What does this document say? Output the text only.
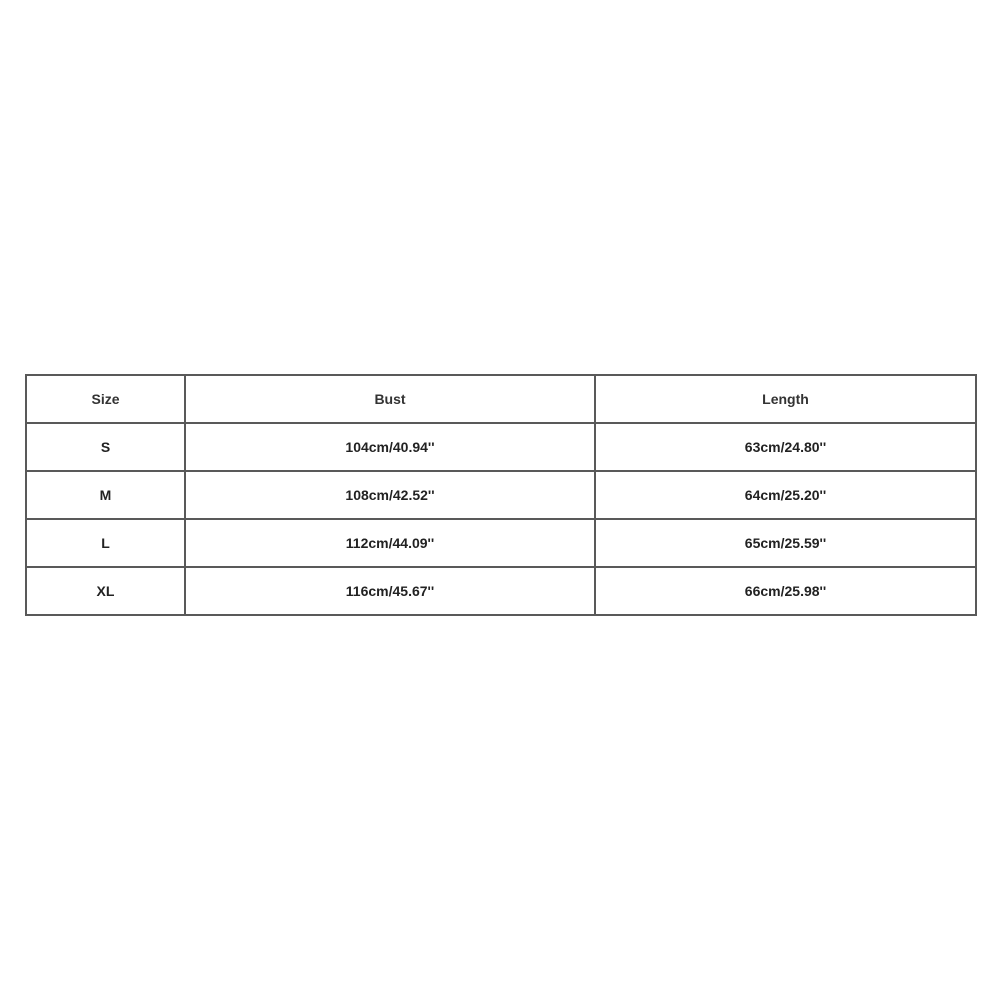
Size	Bust	Length
S	104cm/40.94''	63cm/24.80''
M	108cm/42.52''	64cm/25.20''
L	112cm/44.09''	65cm/25.59''
XL	116cm/45.67''	66cm/25.98''
